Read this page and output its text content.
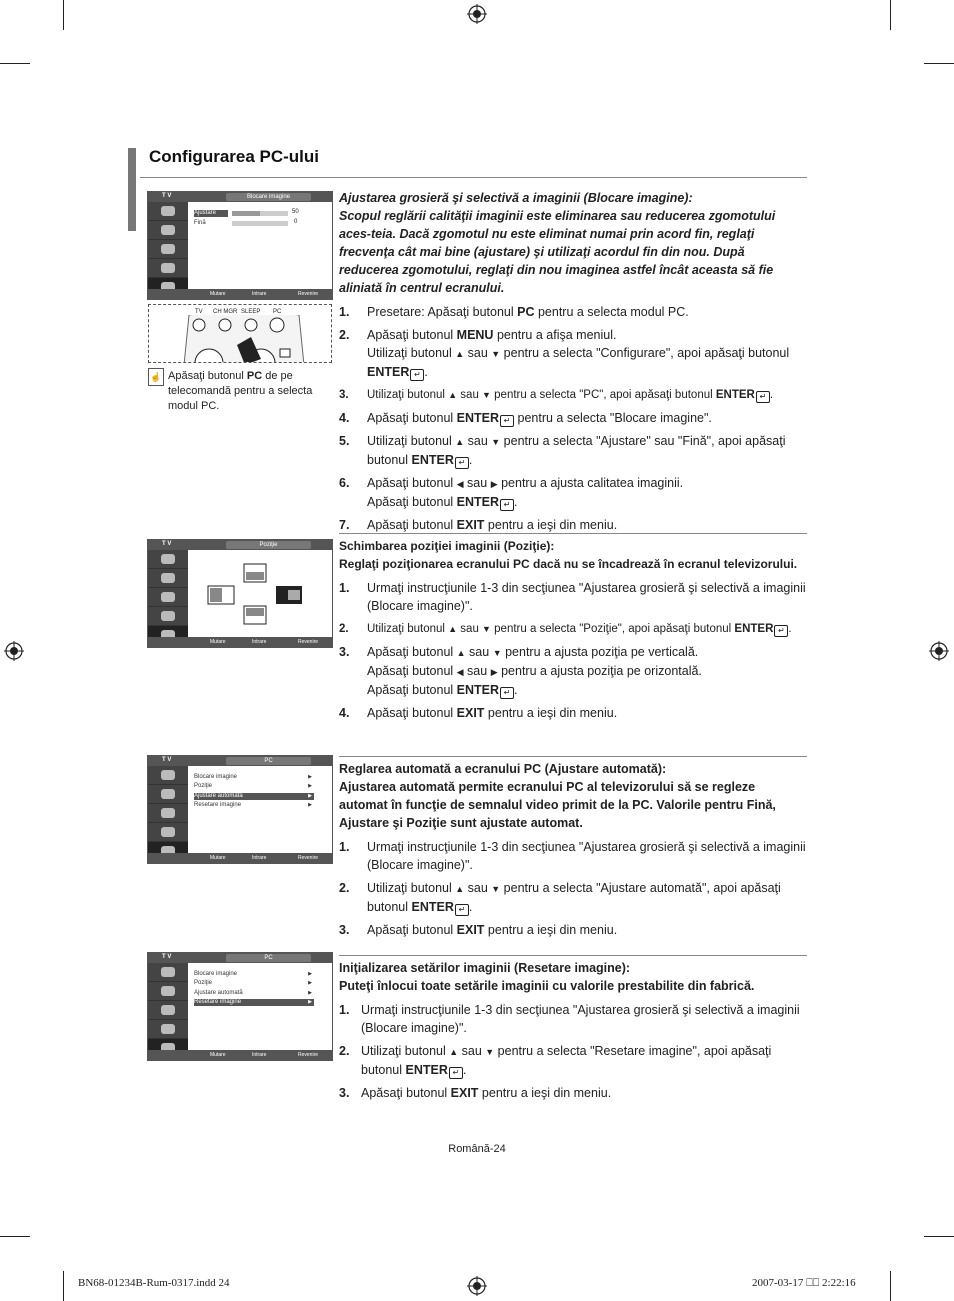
Configurarea PC-ului
T V	Blocare imagine
Ajustare	50
Fină	0
Mutare	Intrare	Revenire
TV CH MGR SLEEP PC
☝ Apăsaţi butonul PC de pe telecomandă pentru a selecta modul PC.
Ajustarea grosieră şi selectivă a imaginii (Blocare imagine):
Scopul reglării calităţii imaginii este eliminarea sau reducerea zgomotului aces-teia. Dacă zgomotul nu este eliminat numai prin acord fin, reglaţi frecvenţa cât mai bine (ajustare) şi utilizaţi acordul fin din nou. După reducerea zgomotului, reglaţi din nou imaginea astfel încât aceasta să fie aliniată în centrul ecranului.
1. Presetare: Apăsaţi butonul PC pentru a selecta modul PC.
2. Apăsaţi butonul MENU pentru a afişa meniul.
Utilizaţi butonul ▲ sau ▼ pentru a selecta "Configurare", apoi apăsaţi butonul ENTER ↵ .
3. Utilizaţi butonul ▲ sau ▼ pentru a selecta "PC", apoi apăsaţi butonul ENTER ↵ .
4. Apăsaţi butonul ENTER ↵ pentru a selecta "Blocare imagine".
5. Utilizaţi butonul ▲ sau ▼ pentru a selecta "Ajustare" sau "Fină", apoi apăsaţi butonul ENTER ↵ .
6. Apăsaţi butonul ◀ sau ▶ pentru a ajusta calitatea imaginii.
Apăsaţi butonul ENTER ↵ .
7. Apăsaţi butonul EXIT pentru a ieşi din meniu.
T V	Poziţie
Mutare	Intrare	Revenire
Schimbarea poziţiei imaginii (Poziţie):
Reglaţi poziţionarea ecranului PC dacă nu se încadrează în ecranul televizorului.
1. Urmaţi instrucţiunile 1-3 din secţiunea "Ajustarea grosieră şi selectivă a imaginii (Blocare imagine)".
2. Utilizaţi butonul ▲ sau ▼ pentru a selecta "Poziţie", apoi apăsaţi butonul ENTER ↵ .
3. Apăsaţi butonul ▲ sau ▼ pentru a ajusta poziţia pe verticală.
Apăsaţi butonul ◀ sau ▶ pentru a ajusta poziţia pe orizontală.
Apăsaţi butonul ENTER ↵ .
4. Apăsaţi butonul EXIT pentru a ieşi din meniu.
T V	PC
Blocare imagine	▶
Poziţie	▶
Ajustare automată	▶
Resetare imagine	▶
Mutare	Intrare	Revenire
Reglarea automată a ecranului PC (Ajustare automată):
Ajustarea automată permite ecranului PC al televizorului să se regleze automat în funcţie de semnalul video primit de la PC. Valorile pentru Fină, Ajustare şi Poziţie sunt ajustate automat.
1. Urmaţi instrucţiunile 1-3 din secţiunea "Ajustarea grosieră şi selectivă a imaginii (Blocare imagine)".
2. Utilizaţi butonul ▲ sau ▼ pentru a selecta "Ajustare automată", apoi apăsaţi butonul ENTER ↵ .
3. Apăsaţi butonul EXIT pentru a ieşi din meniu.
T V	PC
Blocare imagine	▶
Poziţie	▶
Ajustare automată	▶
Resetare imagine	▶
Mutare	Intrare	Revenire
Iniţializarea setărilor imaginii (Resetare imagine):
Puteţi înlocui toate setările imaginii cu valorile prestabilite din fabrică.
1. Urmaţi instrucţiunile 1-3 din secţiunea "Ajustarea grosieră şi selectivă a imaginii (Blocare imagine)".
2. Utilizaţi butonul ▲ sau ▼ pentru a selecta "Resetare imagine", apoi apăsaţi butonul ENTER ↵ .
3. Apăsaţi butonul EXIT pentru a ieşi din meniu.
Română-24
BN68-01234B-Rum-0317.indd 24	2007-03-17 ⎕⎕ 2:22:16
